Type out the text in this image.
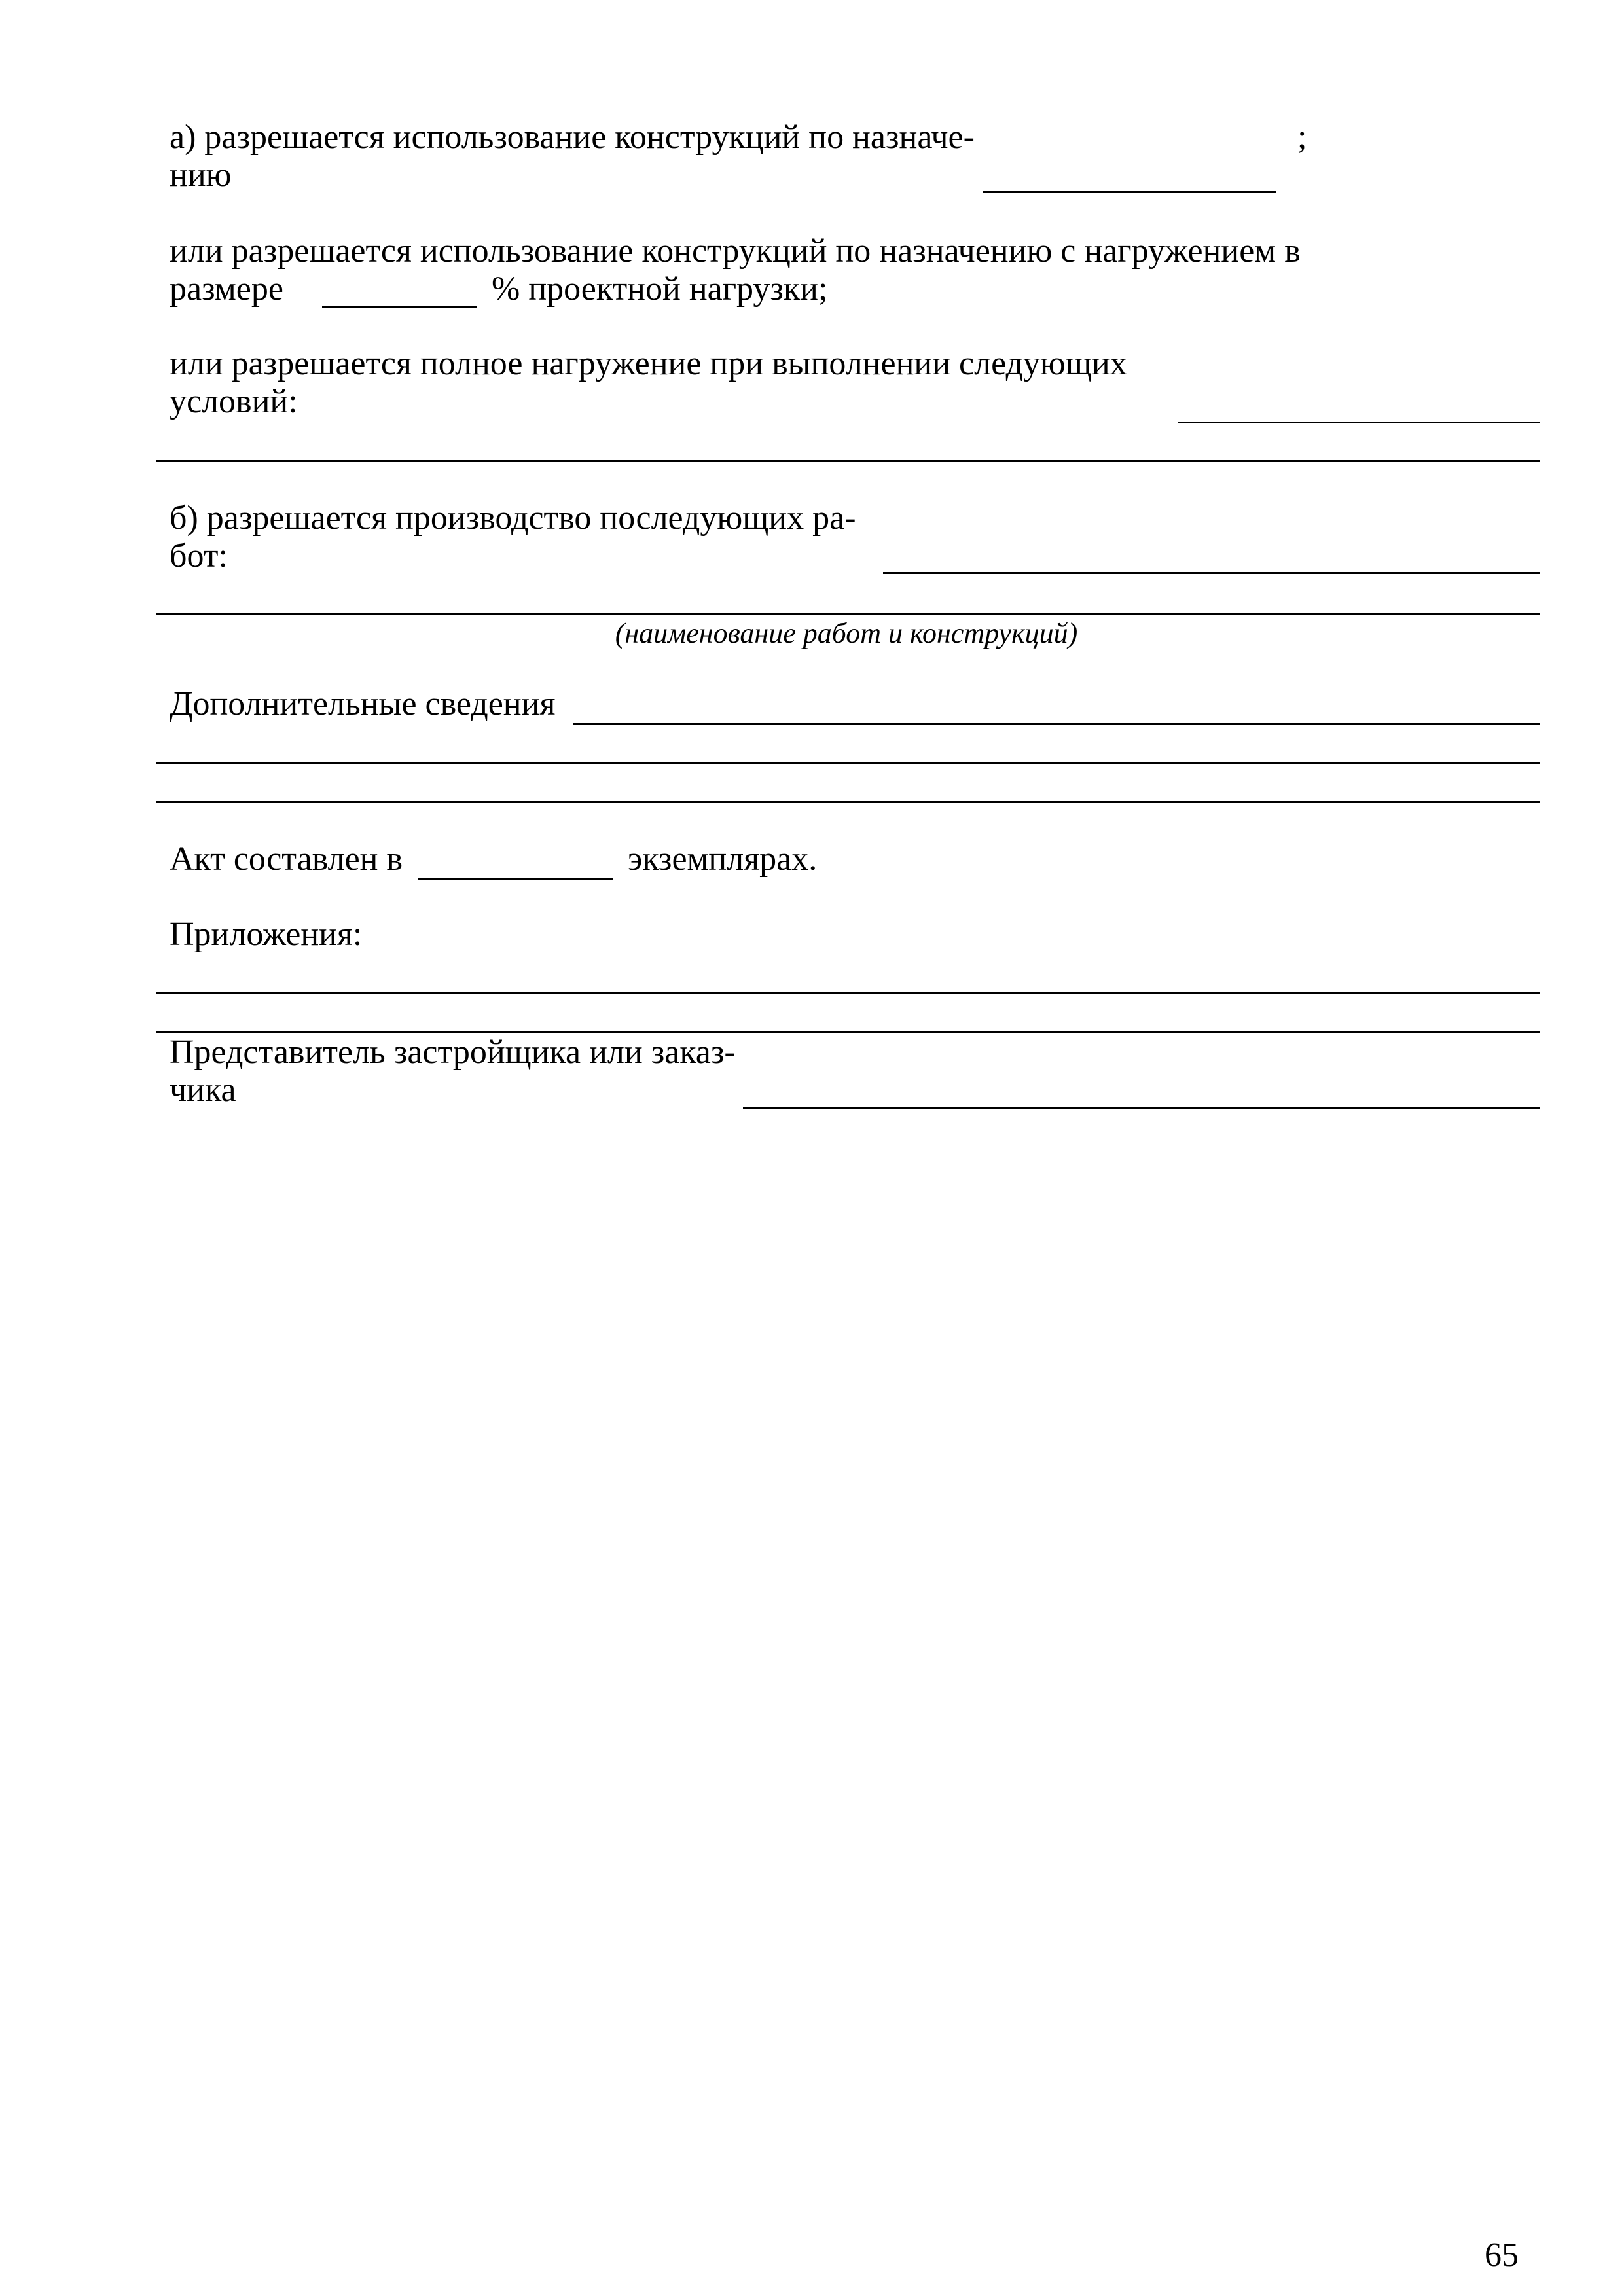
а) разрешается использование конструкций по назначе-
нию
;
или разрешается использование конструкций по назначению с нагружением в
размере	% проектной нагрузки;
или разрешается полное нагружение при выполнении следующих
условий:
б) разрешается производство последующих ра-
бот:
(наименование работ и конструкций)
Дополнительные сведения
Акт составлен в	экземплярах.
Приложения:
Представитель застройщика или заказ-
чика
65
